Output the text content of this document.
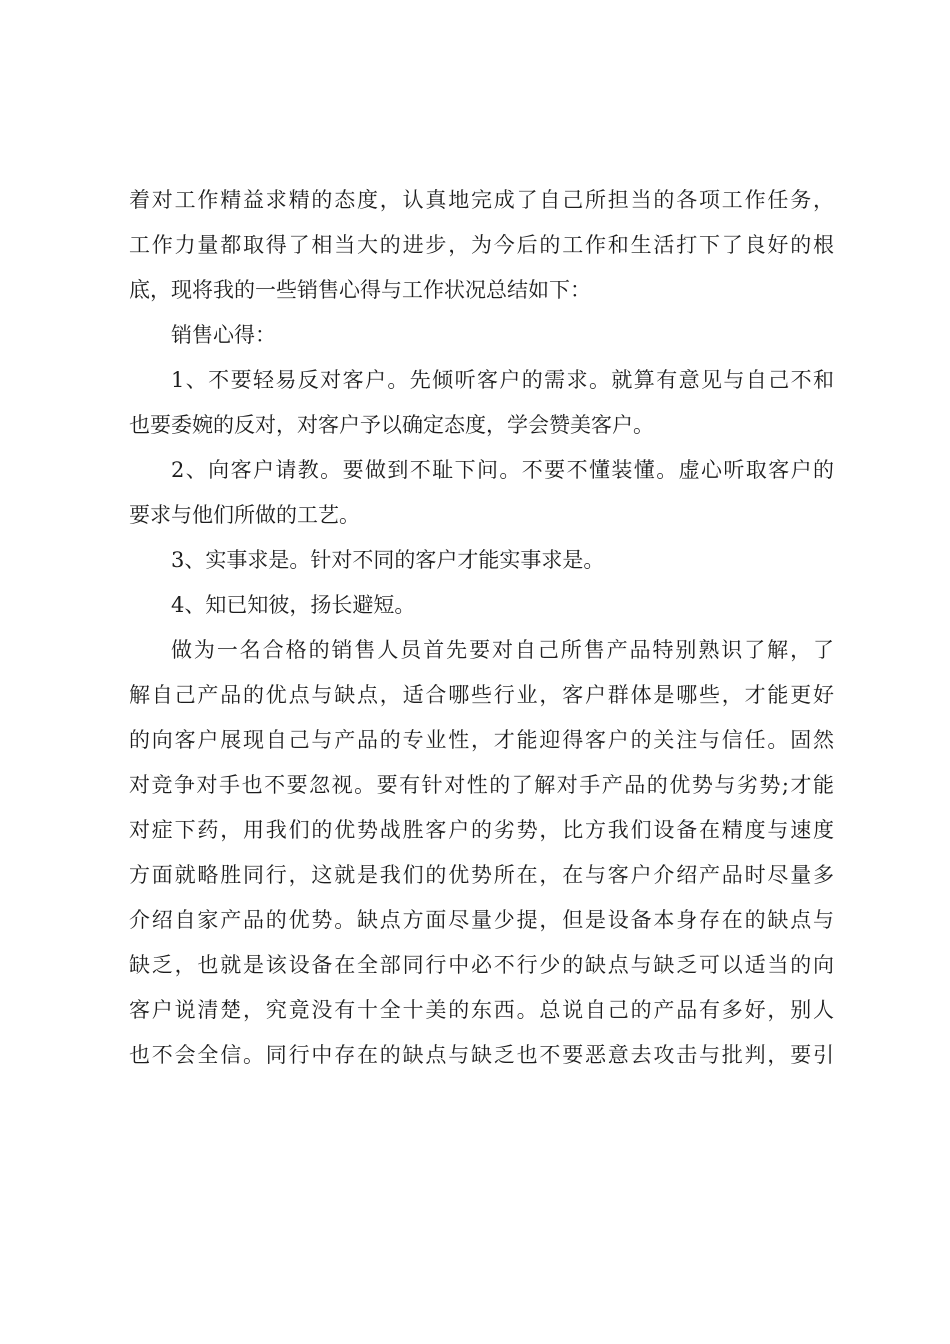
着对工作精益求精的态度，认真地完成了自己所担当的各项工作任务，
工作力量都取得了相当大的进步，为今后的工作和生活打下了良好的根
底，现将我的一些销售心得与工作状况总结如下：
销售心得：
1、不要轻易反对客户。先倾听客户的需求。就算有意见与自己不和
也要委婉的反对，对客户予以确定态度，学会赞美客户。
2、向客户请教。要做到不耻下问。不要不懂装懂。虚心听取客户的
要求与他们所做的工艺。
3、实事求是。针对不同的客户才能实事求是。
4、知已知彼，扬长避短。
做为一名合格的销售人员首先要对自己所售产品特别熟识了解，了
解自己产品的优点与缺点，适合哪些行业，客户群体是哪些，才能更好
的向客户展现自己与产品的专业性，才能迎得客户的关注与信任。固然
对竞争对手也不要忽视。要有针对性的了解对手产品的优势与劣势;才能
对症下药，用我们的优势战胜客户的劣势，比方我们设备在精度与速度
方面就略胜同行，这就是我们的优势所在，在与客户介绍产品时尽量多
介绍自家产品的优势。缺点方面尽量少提，但是设备本身存在的缺点与
缺乏，也就是该设备在全部同行中必不行少的缺点与缺乏可以适当的向
客户说清楚，究竟没有十全十美的东西。总说自己的产品有多好，别人
也不会全信。同行中存在的缺点与缺乏也不要恶意去攻击与批判，要引
